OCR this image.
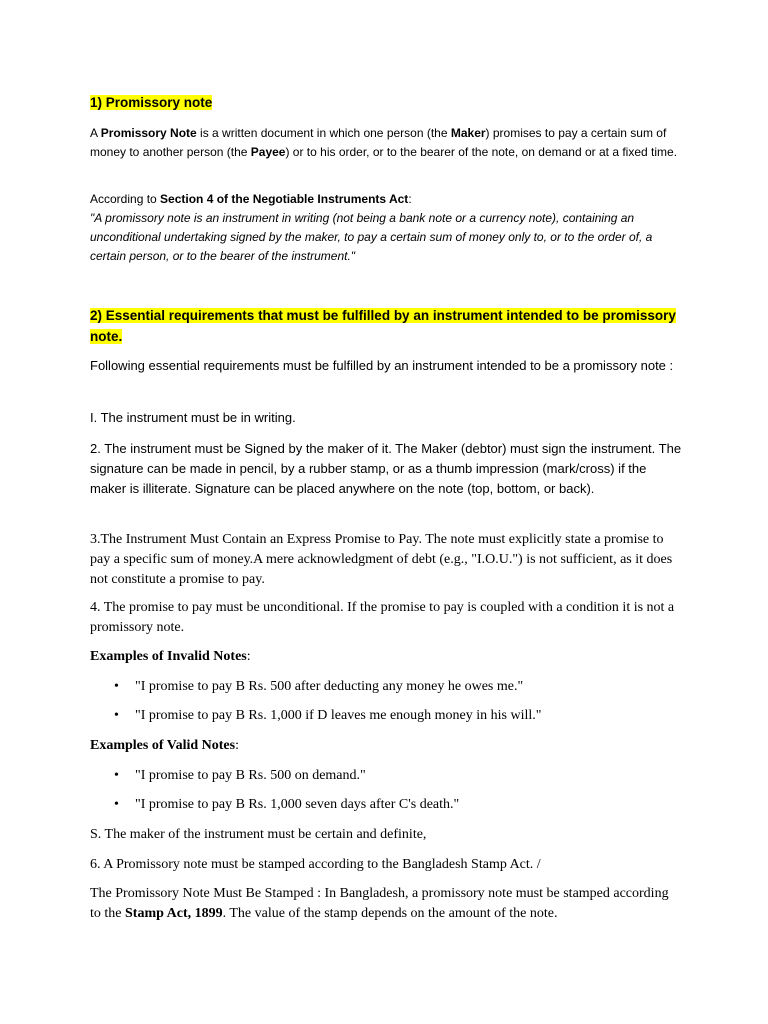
1) Promissory note

A Promissory Note is a written document in which one person (the Maker) promises to pay a certain sum of money to another person (the Payee) or to his order, or to the bearer of the note, on demand or at a fixed time.

According to Section 4 of the Negotiable Instruments Act:

"A promissory note is an instrument in writing (not being a bank note or a currency note), containing an unconditional undertaking signed by the maker, to pay a certain sum of money only to, or to the order of, a certain person, or to the bearer of the instrument."

2) Essential requirements that must be fulfilled by an instrument intended to be promissory note.

Following essential requirements must be fulfilled by an instrument intended to be a promissory note :

I. The instrument must be in writing.

2. The instrument must be Signed by the maker of it. The Maker (debtor) must sign the instrument. The signature can be made in pencil, by a rubber stamp, or as a thumb impression (mark/cross) if the maker is illiterate. Signature can be placed anywhere on the note (top, bottom, or back).

3.The Instrument Must Contain an Express Promise to Pay. The note must explicitly state a promise to pay a specific sum of money.A mere acknowledgment of debt (e.g., "I.O.U.") is not sufficient, as it does not constitute a promise to pay.

4. The promise to pay must be unconditional. If the promise to pay is coupled with a condition it is not a promissory note.

Examples of Invalid Notes:

• "I promise to pay B Rs. 500 after deducting any money he owes me."

• "I promise to pay B Rs. 1,000 if D leaves me enough money in his will."

Examples of Valid Notes:

• "I promise to pay B Rs. 500 on demand."

• "I promise to pay B Rs. 1,000 seven days after C's death."

S. The maker of the instrument must be certain and definite,

6. A Promissory note must be stamped according to the Bangladesh Stamp Act. /

The Promissory Note Must Be Stamped : In Bangladesh, a promissory note must be stamped according to the Stamp Act, 1899. The value of the stamp depends on the amount of the note.
